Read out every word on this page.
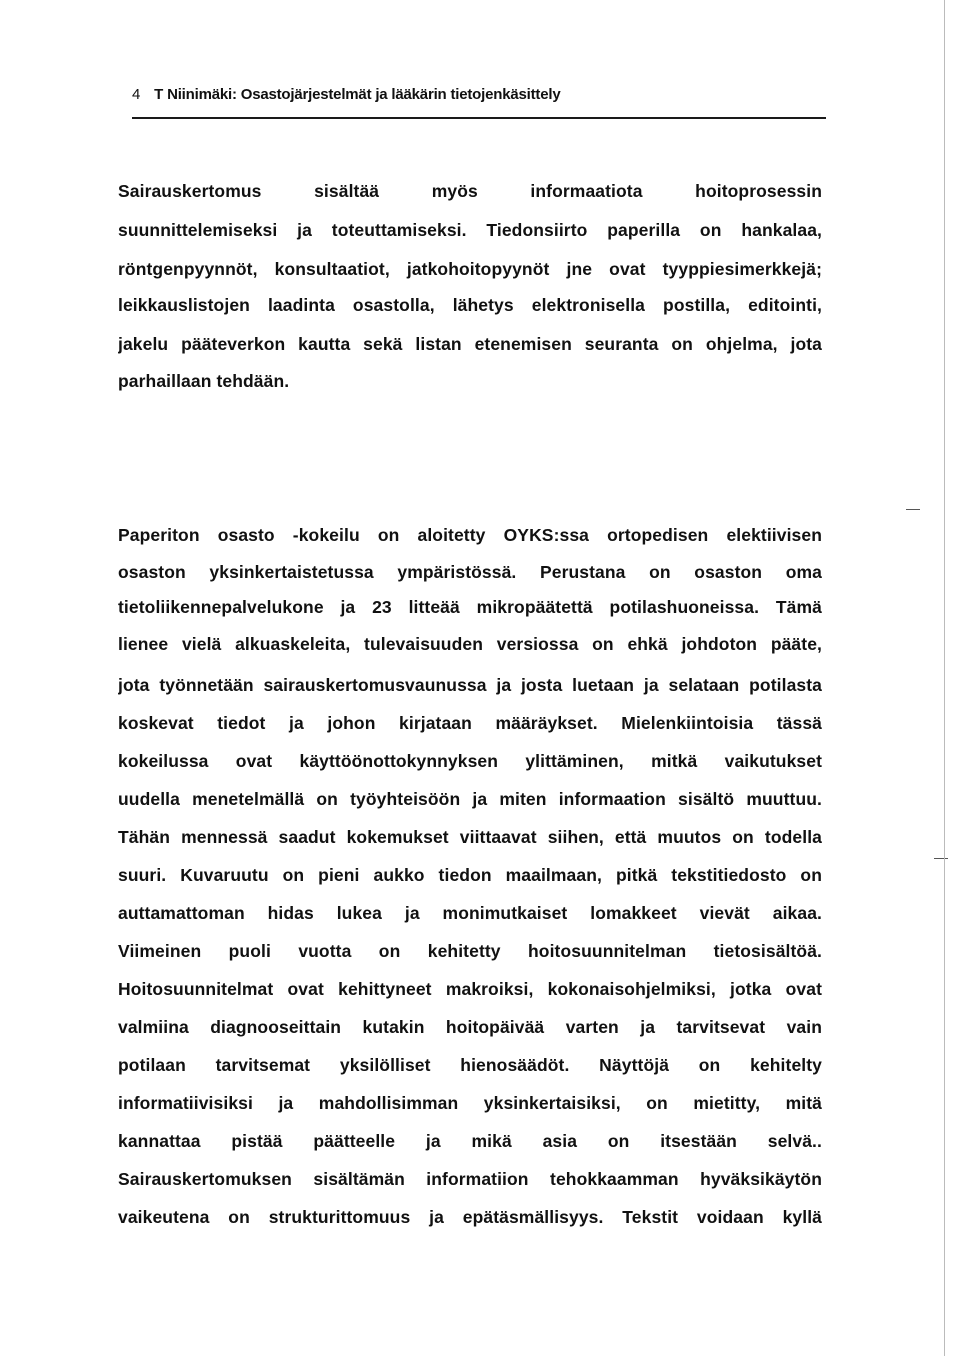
4 T Niinimäki: Osastojärjestelmät ja lääkärin tietojenkäsittely
Sairauskertomus sisältää myös informaatiota hoitoprosessin
suunnittelemiseksi ja toteuttamiseksi. Tiedonsiirto paperilla on hankalaa,
röntgenpyynnöt, konsultaatiot, jatkohoitopyynöt jne ovat tyyppiesimerkkejä;
leikkauslistojen laadinta osastolla, lähetys elektronisella postilla, editointi,
jakelu pääteverkon kautta sekä listan etenemisen seuranta on ohjelma, jota
parhaillaan tehdään.
Paperiton osasto -kokeilu on aloitetty OYKS:ssa ortopedisen elektiivisen
osaston yksinkertaistetussa ympäristössä. Perustana on osaston oma
tietoliikennepalvelukone ja 23 litteää mikropäätettä potilashuoneissa. Tämä
lienee vielä alkuaskeleita, tulevaisuuden versiossa on ehkä johdoton pääte,
jota työnnetään sairauskertomusvaunussa ja josta luetaan ja selataan potilasta
koskevat tiedot ja johon kirjataan määräykset. Mielenkiintoisia tässä
kokeilussa ovat käyttöönottokynnyksen ylittäminen, mitkä vaikutukset
uudella menetelmällä on työyhteisöön ja miten informaation sisältö muuttuu.
Tähän mennessä saadut kokemukset viittaavat siihen, että muutos on todella
suuri. Kuvaruutu on pieni aukko tiedon maailmaan, pitkä tekstitiedosto on
auttamattoman hidas lukea ja monimutkaiset lomakkeet vievät aikaa.
Viimeinen puoli vuotta on kehitetty hoitosuunnitelman tietosisältöä.
Hoitosuunnitelmat ovat kehittyneet makroiksi, kokonaisohjelmiksi, jotka ovat
valmiina diagnooseittain kutakin hoitopäivää varten ja tarvitsevat vain
potilaan tarvitsemat yksilölliset hienosäädöt. Näyttöjä on kehitelty
informatiivisiksi ja mahdollisimman yksinkertaisiksi, on mietitty, mitä
kannattaa pistää päätteelle ja mikä asia on itsestään selvä..
Sairauskertomuksen sisältämän informatiion tehokkaamman hyväksikäytön
vaikeutena on strukturittomuus ja epätäsmällisyys. Tekstit voidaan kyllä
